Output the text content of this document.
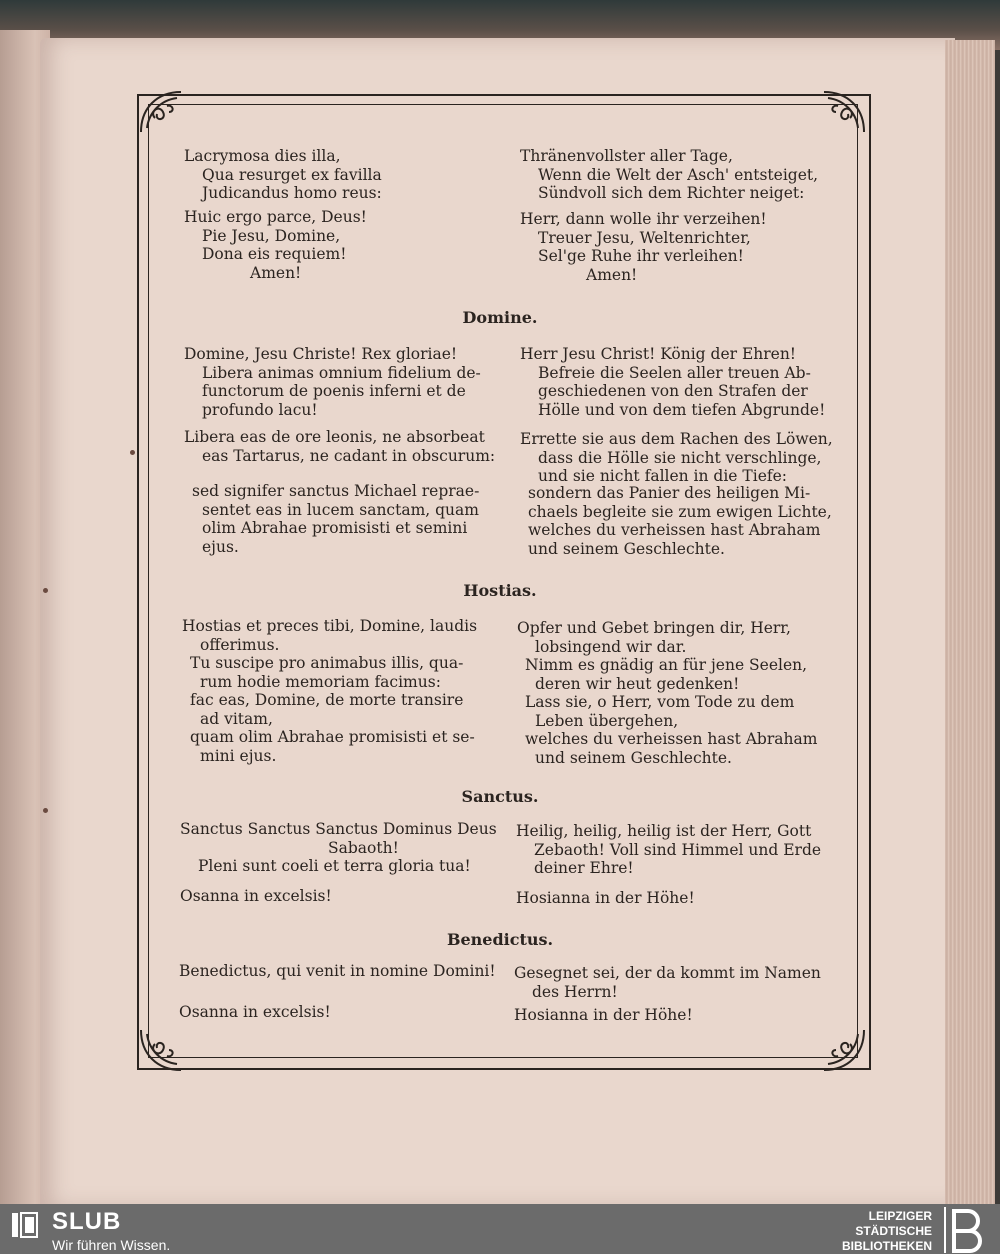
Lacrymosa dies illa,

Qua resurget ex favilla

Judicandus homo reus:

Huic ergo parce, Deus!

Pie Jesu, Domine,

Dona eis requiem!

Amen!

Thränenvollster aller Tage,

Wenn die Welt der Asch' entsteiget,

Sündvoll sich dem Richter neiget:

Herr, dann wolle ihr verzeihen!

Treuer Jesu, Weltenrichter,

Sel'ge Ruhe ihr verleihen!

Amen!

Domine.

Domine, Jesu Christe! Rex gloriae!

Libera animas omnium fidelium de-

functorum de poenis inferni et de

profundo lacu!

Libera eas de ore leonis, ne absorbeat

eas Tartarus, ne cadant in obscurum:

sed signifer sanctus Michael reprae-

sentet eas in lucem sanctam, quam

olim Abrahae promisisti et semini

ejus.

Herr Jesu Christ! König der Ehren!

Befreie die Seelen aller treuen Ab-

geschiedenen von den Strafen der

Hölle und von dem tiefen Abgrunde!

Errette sie aus dem Rachen des Löwen,

dass die Hölle sie nicht verschlinge,

und sie nicht fallen in die Tiefe:

sondern das Panier des heiligen Mi-

chaels begleite sie zum ewigen Lichte,

welches du verheissen hast Abraham

und seinem Geschlechte.

Hostias.

Hostias et preces tibi, Domine, laudis

offerimus.

Tu suscipe pro animabus illis, qua-

rum hodie memoriam facimus:

fac eas, Domine, de morte transire

ad vitam,

quam olim Abrahae promisisti et se-

mini ejus.

Opfer und Gebet bringen dir, Herr,

lobsingend wir dar.

Nimm es gnädig an für jene Seelen,

deren wir heut gedenken!

Lass sie, o Herr, vom Tode zu dem

Leben übergehen,

welches du verheissen hast Abraham

und seinem Geschlechte.

Sanctus.

Sanctus Sanctus Sanctus Dominus Deus

Sabaoth!

Pleni sunt coeli et terra gloria tua!

Osanna in excelsis!

Heilig, heilig, heilig ist der Herr, Gott

Zebaoth! Voll sind Himmel und Erde

deiner Ehre!

Hosianna in der Höhe!

Benedictus.

Benedictus, qui venit in nomine Domini!

Osanna in excelsis!

Gesegnet sei, der da kommt im Namen

des Herrn!

Hosianna in der Höhe!

SLUB
Wir führen Wissen.
LEIPZIGER
STÄDTISCHE
BIBLIOTHEKEN
